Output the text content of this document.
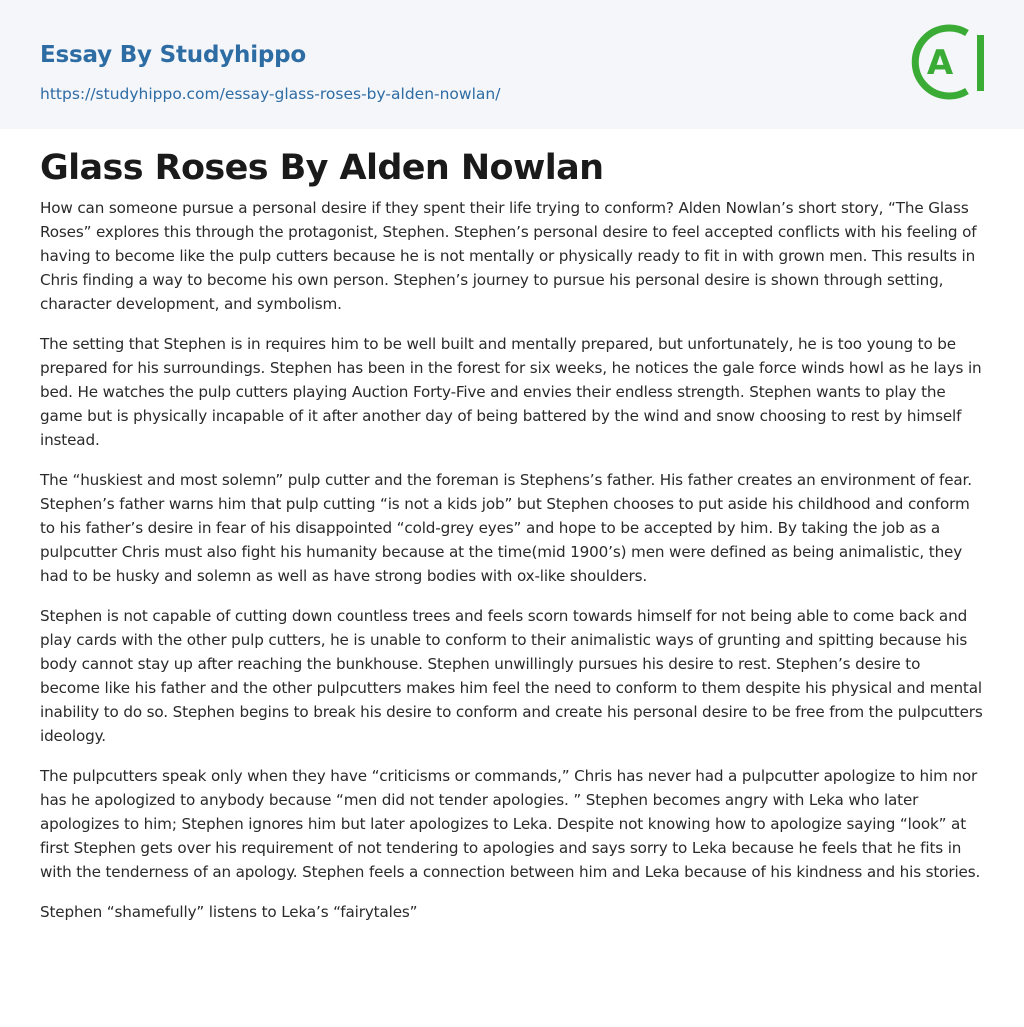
Essay By Studyhippo
https://studyhippo.com/essay-glass-roses-by-alden-nowlan/
A
Glass Roses By Alden Nowlan

How can someone pursue a personal desire if they spent their life trying to conform? Alden Nowlan’s short story, “The Glass Roses” explores this through the protagonist, Stephen. Stephen’s personal desire to feel accepted conflicts with his feeling of having to become like the pulp cutters because he is not mentally or physically ready to fit in with grown men. This results in Chris finding a way to become his own person. Stephen’s journey to pursue his personal desire is shown through setting, character development, and symbolism.

The setting that Stephen is in requires him to be well built and mentally prepared, but unfortunately, he is too young to be prepared for his surroundings. Stephen has been in the forest for six weeks, he notices the gale force winds howl as he lays in bed. He watches the pulp cutters playing Auction Forty-Five and envies their endless strength. Stephen wants to play the game but is physically incapable of it after another day of being battered by the wind and snow choosing to rest by himself instead.

The “huskiest and most solemn” pulp cutter and the foreman is Stephens’s father. His father creates an environment of fear. Stephen’s father warns him that pulp cutting “is not a kids job” but Stephen chooses to put aside his childhood and conform to his father’s desire in fear of his disappointed “cold-grey eyes” and hope to be accepted by him. By taking the job as a pulpcutter Chris must also fight his humanity because at the time(mid 1900’s) men were defined as being animalistic, they had to be husky and solemn as well as have strong bodies with ox-like shoulders.

Stephen is not capable of cutting down countless trees and feels scorn towards himself for not being able to come back and play cards with the other pulp cutters, he is unable to conform to their animalistic ways of grunting and spitting because his body cannot stay up after reaching the bunkhouse. Stephen unwillingly pursues his desire to rest. Stephen’s desire to become like his father and the other pulpcutters makes him feel the need to conform to them despite his physical and mental inability to do so. Stephen begins to break his desire to conform and create his personal desire to be free from the pulpcutters ideology.

The pulpcutters speak only when they have “criticisms or commands,” Chris has never had a pulpcutter apologize to him nor has he apologized to anybody because “men did not tender apologies. ” Stephen becomes angry with Leka who later apologizes to him; Stephen ignores him but later apologizes to Leka. Despite not knowing how to apologize saying “look” at first Stephen gets over his requirement of not tendering to apologies and says sorry to Leka because he feels that he fits in with the tenderness of an apology. Stephen feels a connection between him and Leka because of his kindness and his stories.

Stephen “shamefully” listens to Leka’s “fairytales”
